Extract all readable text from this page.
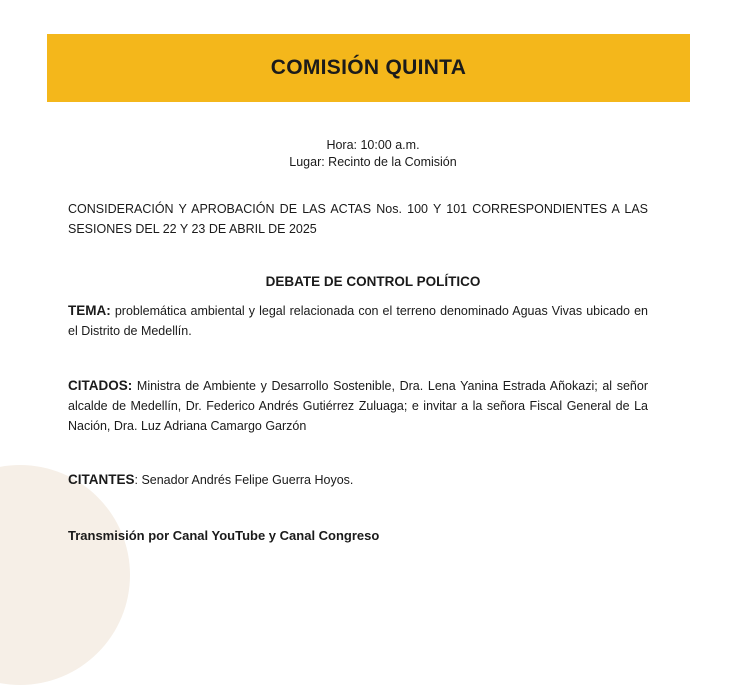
COMISIÓN QUINTA
Hora: 10:00 a.m.
Lugar: Recinto de la Comisión
CONSIDERACIÓN Y APROBACIÓN DE LAS ACTAS Nos. 100 Y 101 CORRESPONDIENTES A LAS SESIONES DEL 22 Y 23 DE ABRIL DE 2025
DEBATE DE CONTROL POLÍTICO
TEMA: problemática ambiental y legal relacionada con el terreno denominado Aguas Vivas ubicado en el Distrito de Medellín.
CITADOS: Ministra de Ambiente y Desarrollo Sostenible, Dra. Lena Yanina Estrada Añokazi; al señor alcalde de Medellín, Dr. Federico Andrés Gutiérrez Zuluaga; e invitar a la señora Fiscal General de La Nación, Dra. Luz Adriana Camargo Garzón
CITANTES: Senador Andrés Felipe Guerra Hoyos.
Transmisión por Canal YouTube y Canal Congreso
